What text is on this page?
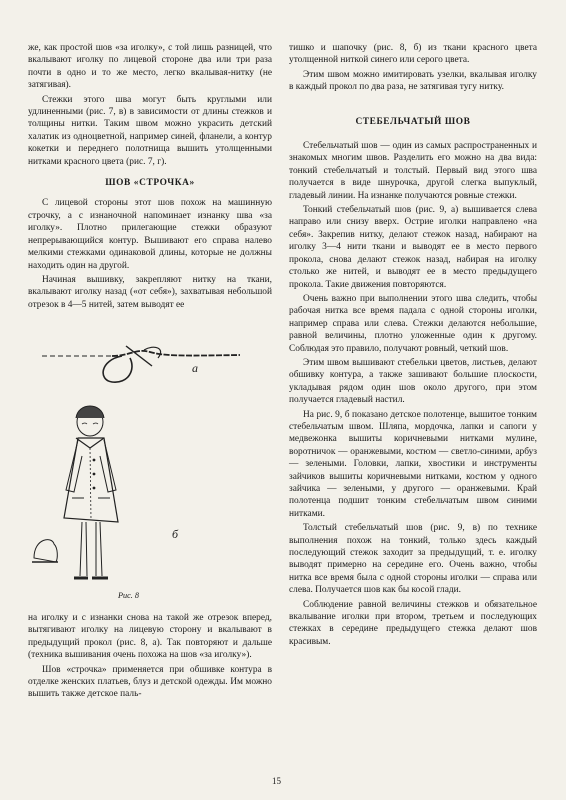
же, как простой шов «за иголку», с той лишь разницей, что вкалывают иголку по лицевой стороне два или три раза почти в одно и то же место, легко вкалывая-нитку (не затягивая).

Стежки этого шва могут быть круглыми или удлиненными (рис. 7, в) в зависимости от длины стежков и толщины нитки. Таким швом можно украсить детский халатик из одноцветной, например синей, фланели, а контур кокетки и переднего полотнища вышить утолщенными нитками красного цвета (рис. 7, г).

ШОВ «СТРОЧКА»

С лицевой стороны этот шов похож на машинную строчку, а с изнаночной напоминает изнанку шва «за иголку». Плотно прилегающие стежки образуют непрерывающийся контур. Вышивают его справа налево мелкими стежками одинаковой длины, которые не должны находить один на другой.

Начиная вышивку, закрепляют нитку на ткани, вкалывают иголку назад («от себя»), захватывая небольшой отрезок в 4—5 нитей, затем выводят ее

а
б
Рис. 8

на иголку и с изнанки снова на такой же отрезок вперед, вытягивают иголку на лицевую сторону и вкалывают в предыдущий прокол (рис. 8, а). Так повторяют и дальше (техника вышивания очень похожа на шов «за иголку»).

Шов «строчка» применяется при обшивке контура в отделке женских платьев, блуз и детской одежды. Им можно вышить также детское паль-

тишко и шапочку (рис. 8, б) из ткани красного цвета утолщенной ниткой синего или серого цвета.

Этим швом можно имитировать узелки, вкалывая иголку в каждый прокол по два раза, не затягивая тугу нитку.

СТЕБЕЛЬЧАТЫЙ ШОВ

Стебельчатый шов — один из самых распространенных и знакомых многим швов. Разделить его можно на два вида: тонкий стебельчатый и толстый. Первый вид этого шва получается в виде шнурочка, другой слегка выпуклый, гладевый линии. На изнанке получаются ровные стежки.

Тонкий стебельчатый шов (рис. 9, а) вышивается слева направо или снизу вверх. Острие иголки направлено «на себя». Закрепив нитку, делают стежок назад, набирают на иголку 3—4 нити ткани и выводят ее в место первого прокола, снова делают стежок назад, набирая на иголку столько же нитей, и выводят ее в место предыдущего прокола. Такие движения повторяются.

Очень важно при выполнении этого шва следить, чтобы рабочая нитка все время падала с одной стороны иголки, например справа или слева. Стежки делаются небольшие, равной величины, плотно уложенные один к другому. Соблюдая это правило, получают ровный, четкий шов.

Этим швом вышивают стебельки цветов, листьев, делают обшивку контура, а также зашивают большие плоскости, укладывая рядом один шов около другого, при этом получается гладевый настил.

На рис. 9, б показано детское полотенце, вышитое тонким стебельчатым швом. Шляпа, мордочка, лапки и сапоги у медвежонка вышиты коричневыми нитками мулине, воротничок — оранжевыми, костюм — светло-синими, арбуз — зелеными. Головки, лапки, хвостики и инструменты зайчиков вышиты коричневыми нитками, костюм у одного зайчика — зелеными, у другого — оранжевыми. Край полотенца подшит тонким стебельчатым швом синими нитками.

Толстый стебельчатый шов (рис. 9, в) по технике выполнения похож на тонкий, только здесь каждый последующий стежок заходит за предыдущий, т. е. иголку выводят примерно на середине его. Очень важно, чтобы нитка все время была с одной стороны иголки — справа или слева. Получается шов как бы косой глади.

Соблюдение равной величины стежков и обязательное вкалывание иголки при втором, третьем и последующих стежках в середине предыдущего стежка делают шов красивым.

15
